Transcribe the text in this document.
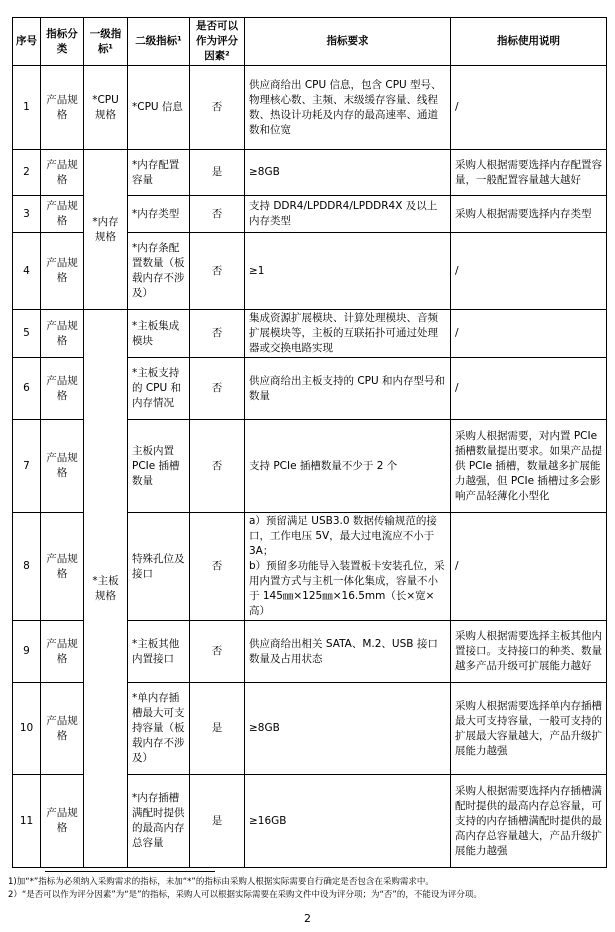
序号	指标分类	一级指标¹	二级指标¹	是否可以作为评分因素²	指标要求	指标使用说明
1	产品规格	*CPU规格	*CPU 信息	否	供应商给出 CPU 信息，包含 CPU 型号、物理核心数、主频、末级缓存容量、线程数、热设计功耗及内存的最高速率、通道数和位宽	/
2	产品规格	*内存规格	*内存配置容量	是	≥8GB	采购人根据需要选择内存配置容量，一般配置容量越大越好
3	产品规格		*内存类型	否	支持 DDR4/LPDDR4/LPDDR4X 及以上内存类型	采购人根据需要选择内存类型
4	产品规格		*内存条配置数量（板载内存不涉及）	否	≥1	/
5	产品规格	*主板规格	*主板集成模块	否	集成资源扩展模块、计算处理模块、音频扩展模块等，主板的互联拓扑可通过处理器或交换电路实现	/
6	产品规格		*主板支持的 CPU 和内存情况	否	供应商给出主板支持的 CPU 和内存型号和数量	/
7	产品规格		主板内置 PCIe 插槽数量	否	支持 PCIe 插槽数量不少于 2 个	采购人根据需要，对内置 PCIe 插槽数量提出要求。如果产品提供 PCIe 插槽，数量越多扩展能力越强，但 PCIe 插槽过多会影响产品轻薄化小型化
8	产品规格		特殊孔位及接口	否	a）预留满足 USB3.0 数据传输规范的接口，工作电压 5V，最大过电流应不小于 3A；
b）预留多功能导入装置板卡安装孔位，采用内置方式与主机一体化集成，容量不小于 145㎜×125㎜×16.5mm（长×宽×高）	/
9	产品规格		*主板其他内置接口	否	供应商给出相关 SATA、M.2、USB 接口数量及占用状态	采购人根据需要选择主板其他内置接口。支持接口的种类、数量越多产品升级可扩展能力越好
10	产品规格		*单内存插槽最大可支持容量（板载内存不涉及）	是	≥8GB	采购人根据需要选择单内存插槽最大可支持容量，一般可支持的扩展最大容量越大，产品升级扩展能力越强
11	产品规格		*内存插槽满配时提供的最高内存总容量	是	≥16GB	采购人根据需要选择内存插槽满配时提供的最高内存总容量，可支持的内存插槽满配时提供的最高内存总容量越大，产品升级扩展能力越强
1)加“*”指标为必须纳入采购需求的指标，未加“*”的指标由采购人根据实际需要自行确定是否包含在采购需求中。
2）“是否可以作为评分因素”为“是”的指标，采购人可以根据实际需要在采购文件中设为评分项；为“否”的，不能设为评分项。
2
